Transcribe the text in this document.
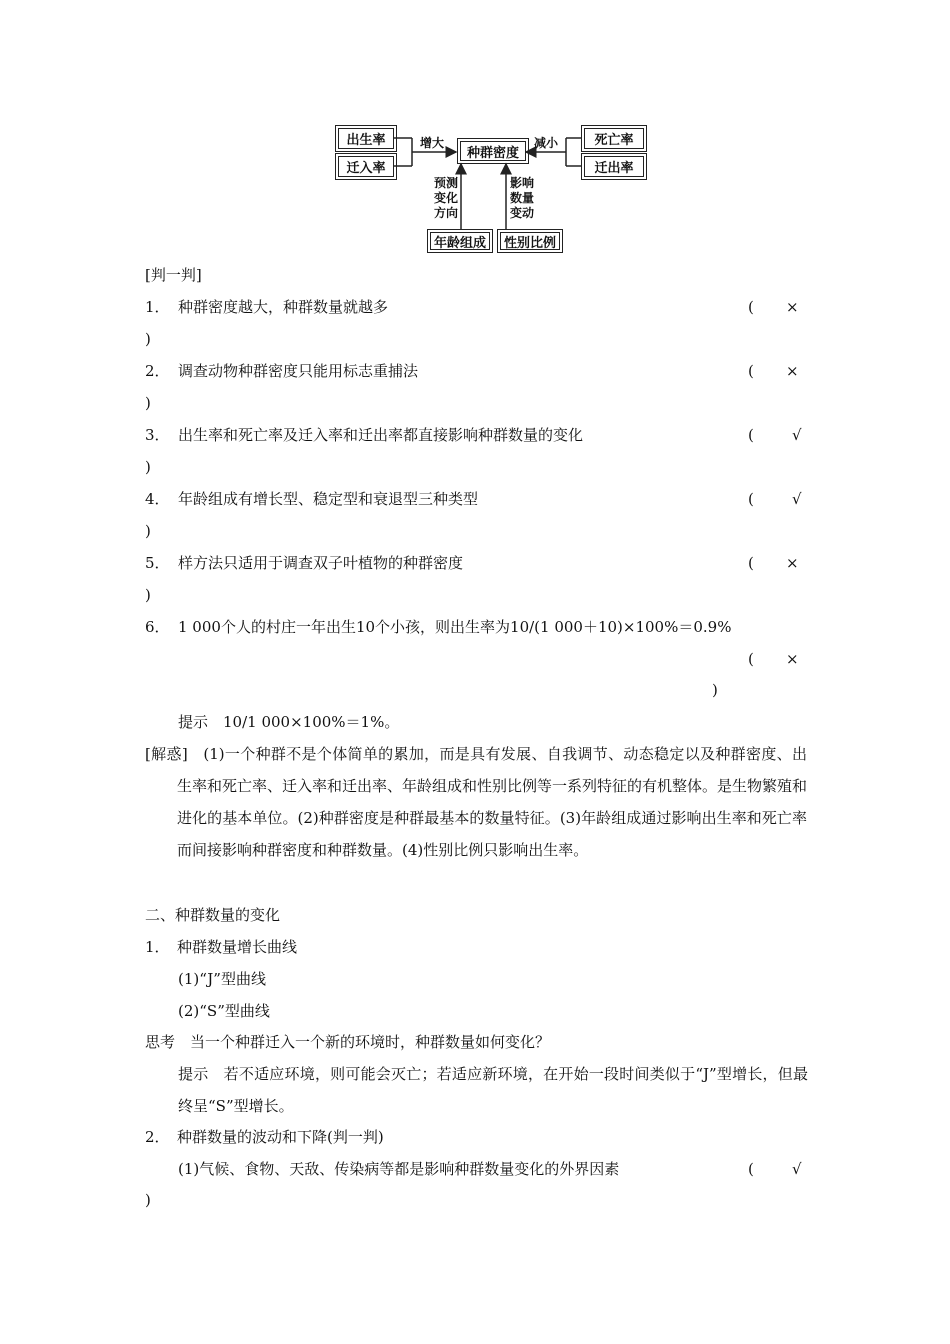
出生率
迁入率
死亡率
迁出率
种群密度
年龄组成	性别比例
增大	减小
预测
变化
方向
影响
数量
变动
[判一判]
1． 种群密度越大，种群数量就越多	( ×
)
2． 调查动物种群密度只能用标志重捕法	( ×
)
3． 出生率和死亡率及迁入率和迁出率都直接影响种群数量的变化	(	√
)
4． 年龄组成有增长型、稳定型和衰退型三种类型	(	√
)
5． 样方法只适用于调查双子叶植物的种群密度	( ×
)
6． 1 000个人的村庄一年出生10个小孩，则出生率为10/(1 000＋10)×100%＝0.9%
( ×
)
提示　10/1 000×100%＝1%。
[解惑]　(1)一个种群不是个体简单的累加，而是具有发展、自我调节、动态稳定以及种群密度、出生率和死亡率、迁入率和迁出率、年龄组成和性别比例等一系列特征的有机整体。是生物繁殖和进化的基本单位。(2)种群密度是种群最基本的数量特征。(3)年龄组成通过影响出生率和死亡率而间接影响种群密度和种群数量。(4)性别比例只影响出生率。
二、种群数量的变化
1．　种群数量增长曲线
(1)“J”型曲线
(2)“S”型曲线
思考　当一个种群迁入一个新的环境时，种群数量如何变化？
提示　若不适应环境，则可能会灭亡；若适应新环境，在开始一段时间类似于“J”型增长，但最终呈“S”型增长。
2．　种群数量的波动和下降(判一判)
(1)气候、食物、天敌、传染病等都是影响种群数量变化的外界因素	(	√
)
